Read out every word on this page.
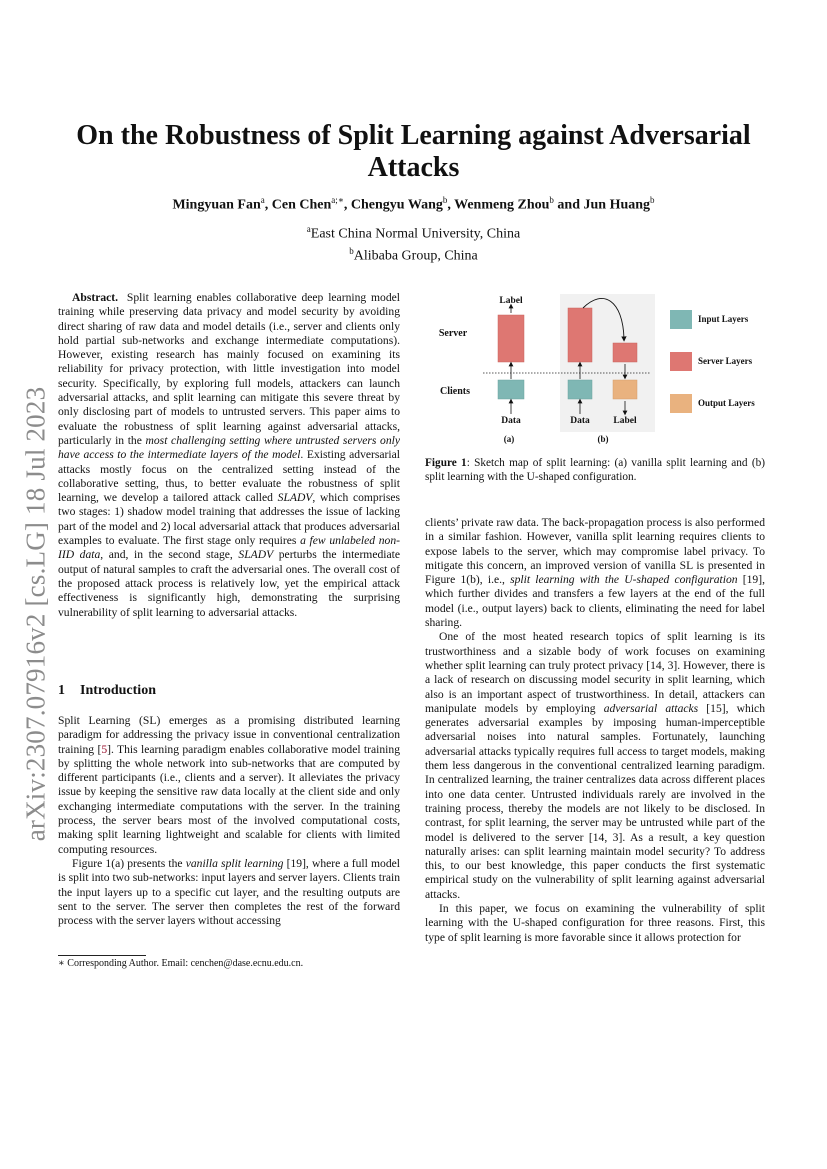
arXiv:2307.07916v2 [cs.LG] 18 Jul 2023
On the Robustness of Split Learning against Adversarial Attacks
Mingyuan Fan$^a$, Cen Chen$^{a;∗}$, Chengyu Wang$^b$, Wenmeng Zhou$^b$ and Jun Huang$^b$
$^a$East China Normal University, China
$^b$Alibaba Group, China

Abstract. Split learning enables collaborative deep learning model training while preserving data privacy and model security by avoiding direct sharing of raw data and model details (i.e., server and clients only hold partial sub-networks and exchange intermediate computations). However, existing research has mainly focused on examining its reliability for privacy protection, with little investigation into model security. Specifically, by exploring full models, attackers can launch adversarial attacks, and split learning can mitigate this severe threat by only disclosing part of models to untrusted servers. This paper aims to evaluate the robustness of split learning against adversarial attacks, particularly in the most challenging setting where untrusted servers only have access to the intermediate layers of the model. Existing adversarial attacks mostly focus on the centralized setting instead of the collaborative setting, thus, to better evaluate the robustness of split learning, we develop a tailored attack called SLADV, which comprises two stages: 1) shadow model training that addresses the issue of lacking part of the model and 2) local adversarial attack that produces adversarial examples to evaluate. The first stage only requires a few unlabeled non-IID data, and, in the second stage, SLADV perturbs the intermediate output of natural samples to craft the adversarial ones. The overall cost of the proposed attack process is relatively low, yet the empirical attack effectiveness is significantly high, demonstrating the surprising vulnerability of split learning to adversarial attacks.

1 Introduction

Split Learning (SL) emerges as a promising distributed learning paradigm for addressing the privacy issue in conventional centralization training [5]. This learning paradigm enables collaborative model training by splitting the whole network into sub-networks that are computed by different participants (i.e., clients and a server). It alleviates the privacy issue by keeping the sensitive raw data locally at the client side and only exchanging intermediate computations with the server. In the training process, the server bears most of the involved computational costs, making split learning lightweight and scalable for clients with limited computing resources.

Figure 1(a) presents the vanilla split learning [19], where a full model is split into two sub-networks: input layers and server layers. Clients train the input layers up to a specific cut layer, and the resulting outputs are sent to the server. The server then completes the rest of the forward process with the server layers without accessing

∗ Corresponding Author. Email: cenchen@dase.ecnu.edu.cn.
Server
Clients
Label
Data
(a)
Data Label
(b)
Input Layers
Server Layers
Output Layers
Figure 1: Sketch map of split learning: (a) vanilla split learning and (b) split learning with the U-shaped configuration.

clients’ private raw data. The back-propagation process is also performed in a similar fashion. However, vanilla split learning requires clients to expose labels to the server, which may compromise label privacy. To mitigate this concern, an improved version of vanilla SL is presented in Figure 1(b), i.e., split learning with the U-shaped configuration [19], which further divides and transfers a few layers at the end of the full model (i.e., output layers) back to clients, eliminating the need for label sharing.

One of the most heated research topics of split learning is its trustworthiness and a sizable body of work focuses on examining whether split learning can truly protect privacy [14, 3]. However, there is a lack of research on discussing model security in split learning, which also is an important aspect of trustworthiness. In detail, attackers can manipulate models by employing adversarial attacks [15], which generates adversarial examples by imposing human-imperceptible adversarial noises into natural samples. Fortunately, launching adversarial attacks typically requires full access to target models, making them less dangerous in the conventional centralized learning paradigm. In centralized learning, the trainer centralizes data across different places into one data center. Untrusted individuals rarely are involved in the training process, thereby the models are not likely to be disclosed. In contrast, for split learning, the server may be untrusted while part of the model is delivered to the server [14, 3]. As a result, a key question naturally arises: can split learning maintain model security? To address this, to our best knowledge, this paper conducts the first systematic empirical study on the vulnerability of split learning against adversarial attacks.

In this paper, we focus on examining the vulnerability of split learning with the U-shaped configuration for three reasons. First, this type of split learning is more favorable since it allows protection for
